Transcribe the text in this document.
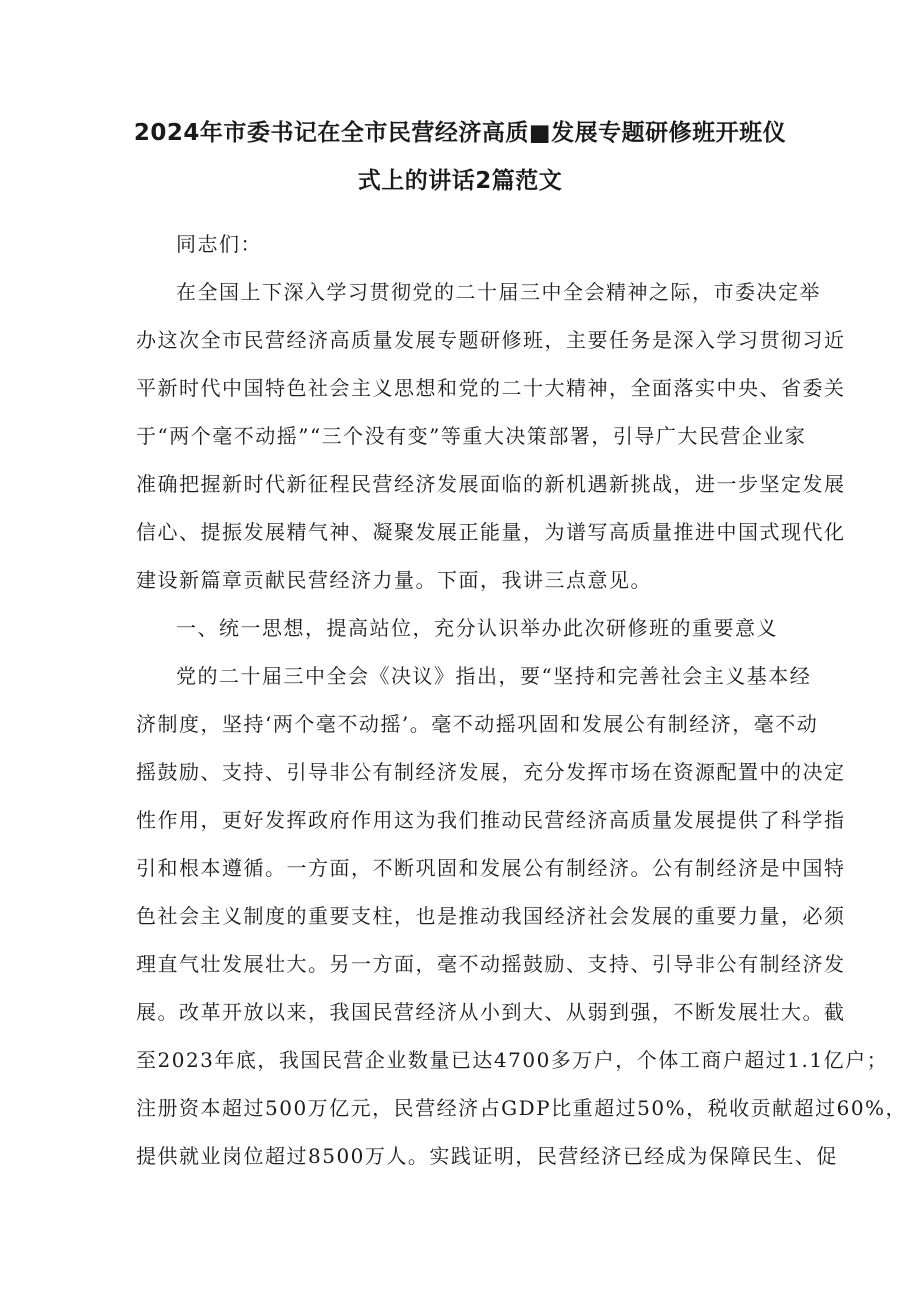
2024年市委书记在全市民营经济高质■发展专题研修班开班仪
式上的讲话2篇范文
同志们：
在全国上下深入学习贯彻党的二十届三中全会精神之际，市委决定举
办这次全市民营经济高质量发展专题研修班，主要任务是深入学习贯彻习近
平新时代中国特色社会主义思想和党的二十大精神，全面落实中央、省委关
于“两个毫不动摇”“三个没有变”等重大决策部署，引导广大民营企业家
准确把握新时代新征程民营经济发展面临的新机遇新挑战，进一步坚定发展
信心、提振发展精气神、凝聚发展正能量，为谱写高质量推进中国式现代化
建设新篇章贡献民营经济力量。下面，我讲三点意见。
一、统一思想，提高站位，充分认识举办此次研修班的重要意义
党的二十届三中全会《决议》指出，要“坚持和完善社会主义基本经
济制度，坚持‘两个毫不动摇’。毫不动摇巩固和发展公有制经济，毫不动
摇鼓励、支持、引导非公有制经济发展，充分发挥市场在资源配置中的决定
性作用，更好发挥政府作用这为我们推动民营经济高质量发展提供了科学指
引和根本遵循。一方面，不断巩固和发展公有制经济。公有制经济是中国特
色社会主义制度的重要支柱，也是推动我国经济社会发展的重要力量，必须
理直气壮发展壮大。另一方面，毫不动摇鼓励、支持、引导非公有制经济发
展。改革开放以来，我国民营经济从小到大、从弱到强，不断发展壮大。截
至2023年底，我国民营企业数量已达4700多万户，个体工商户超过1.1亿户；
注册资本超过500万亿元，民营经济占GDP比重超过50%，税收贡献超过60%，
提供就业岗位超过8500万人。实践证明，民营经济已经成为保障民生、促
